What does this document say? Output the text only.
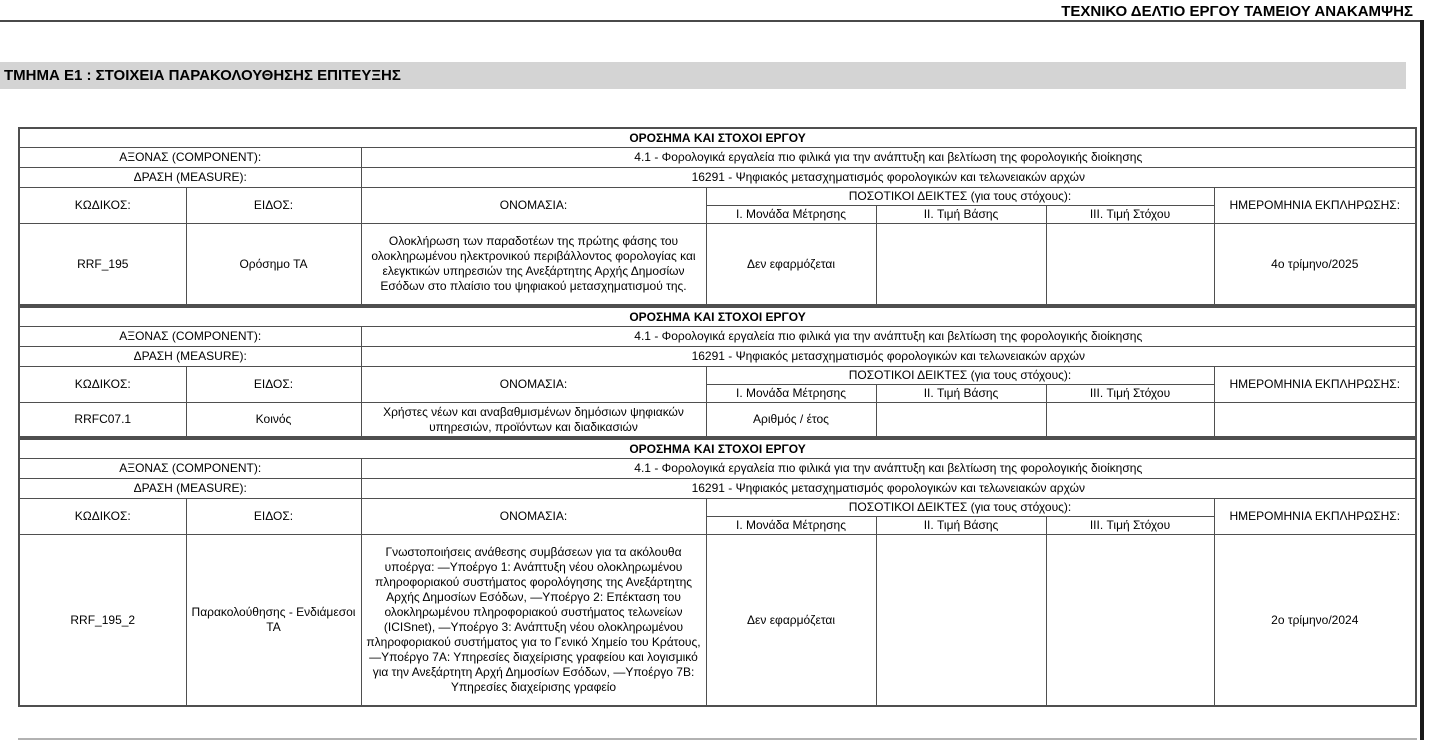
ΤΕΧΝΙΚΟ ΔΕΛΤΙΟ ΕΡΓΟΥ ΤΑΜΕΙΟΥ ΑΝΑΚΑΜΨΗΣ
ΤΜΗΜΑ Ε1 : ΣΤΟΙΧΕΙΑ ΠΑΡΑΚΟΛΟΥΘΗΣΗΣ ΕΠΙΤΕΥΞΗΣ
ΟΡΟΣΗΜΑ ΚΑΙ ΣΤΟΧΟΙ ΕΡΓΟΥ						
ΑΞΟΝΑΣ (COMPONENT):		4.1 - Φορολογικά εργαλεία πιο φιλικά για την ανάπτυξη και βελτίωση της φορολογικής διοίκησης				
ΔΡΑΣΗ (MEASURE):		16291 - Ψηφιακός μετασχηματισμός φορολογικών και τελωνειακών αρχών				
ΚΩΔΙΚΟΣ:	ΕΙΔΟΣ:	ΟΝΟΜΑΣΙΑ:	ΠΟΣΟΤΙΚΟΙ ΔΕΙΚΤΕΣ (για τους στόχους):			ΗΜΕΡΟΜΗΝΙΑ ΕΚΠΛΗΡΩΣΗΣ:
			I. Μονάδα Μέτρησης	II. Τιμή Βάσης	III. Τιμή Στόχου	
RRF_195	Ορόσημο ΤΑ	Ολοκλήρωση των παραδοτέων της πρώτης φάσης του ολοκληρωμένου ηλεκτρονικού περιβάλλοντος φορολογίας και ελεγκτικών υπηρεσιών της Ανεξάρτητης Αρχής Δημοσίων Εσόδων στο πλαίσιο του ψηφιακού μετασχηματισμού της.	Δεν εφαρμόζεται			4ο τρίμηνο/2025
ΟΡΟΣΗΜΑ ΚΑΙ ΣΤΟΧΟΙ ΕΡΓΟΥ						
ΑΞΟΝΑΣ (COMPONENT):		4.1 - Φορολογικά εργαλεία πιο φιλικά για την ανάπτυξη και βελτίωση της φορολογικής διοίκησης				
ΔΡΑΣΗ (MEASURE):		16291 - Ψηφιακός μετασχηματισμός φορολογικών και τελωνειακών αρχών				
ΚΩΔΙΚΟΣ:	ΕΙΔΟΣ:	ΟΝΟΜΑΣΙΑ:	ΠΟΣΟΤΙΚΟΙ ΔΕΙΚΤΕΣ (για τους στόχους):			ΗΜΕΡΟΜΗΝΙΑ ΕΚΠΛΗΡΩΣΗΣ:
			I. Μονάδα Μέτρησης	II. Τιμή Βάσης	III. Τιμή Στόχου	
RRFC07.1	Κοινός	Χρήστες νέων και αναβαθμισμένων δημόσιων ψηφιακών υπηρεσιών, προϊόντων και διαδικασιών	Αριθμός / έτος			
ΟΡΟΣΗΜΑ ΚΑΙ ΣΤΟΧΟΙ ΕΡΓΟΥ						
ΑΞΟΝΑΣ (COMPONENT):		4.1 - Φορολογικά εργαλεία πιο φιλικά για την ανάπτυξη και βελτίωση της φορολογικής διοίκησης				
ΔΡΑΣΗ (MEASURE):		16291 - Ψηφιακός μετασχηματισμός φορολογικών και τελωνειακών αρχών				
ΚΩΔΙΚΟΣ:	ΕΙΔΟΣ:	ΟΝΟΜΑΣΙΑ:	ΠΟΣΟΤΙΚΟΙ ΔΕΙΚΤΕΣ (για τους στόχους):			ΗΜΕΡΟΜΗΝΙΑ ΕΚΠΛΗΡΩΣΗΣ:
			I. Μονάδα Μέτρησης	II. Τιμή Βάσης	III. Τιμή Στόχου	
RRF_195_2	Παρακολούθησης - Ενδιάμεσοι ΤΑ	Γνωστοποιήσεις ανάθεσης συμβάσεων για τα ακόλουθα υποέργα: —Υποέργο 1: Ανάπτυξη νέου ολοκληρωμένου πληροφοριακού συστήματος φορολόγησης της Ανεξάρτητης Αρχής Δημοσίων Εσόδων, —Υποέργο 2: Επέκταση του ολοκληρωμένου πληροφοριακού συστήματος τελωνείων (ICISnet), —Υποέργο 3: Ανάπτυξη νέου ολοκληρωμένου πληροφοριακού συστήματος για το Γενικό Χημείο του Κράτους, —Υποέργο 7Α: Υπηρεσίες διαχείρισης γραφείου και λογισμικό για την Ανεξάρτητη Αρχή Δημοσίων Εσόδων, —Υποέργο 7Β: Υπηρεσίες διαχείρισης γραφείο	Δεν εφαρμόζεται			2ο τρίμηνο/2024
